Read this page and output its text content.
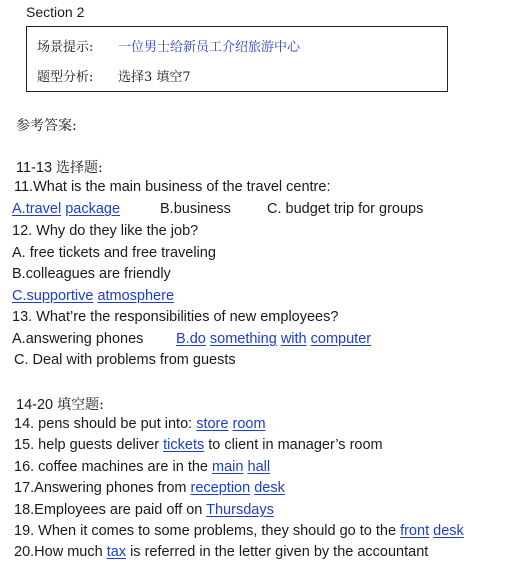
Section 2
场景提示: 一位男士给新员工介绍旅游中心
题型分析: 选择3 填空7
参考答案:
11-13 选择题:
11.What is the main business of the travel centre:
A.travel package	B.business C. budget trip for groups
12. Why do they like the job?
A. free tickets and free traveling
B.colleagues are friendly
C.supportive atmosphere
13. What’re the responsibilities of new employees?
A.answering phones B.do something with computer
C. Deal with problems from guests
14-20 填空题:
14. pens should be put into: store room
15. help guests deliver tickets to client in manager’s room
16. coffee machines are in the main hall
17.Answering phones from reception desk
18.Employees are paid off on Thursdays
19. When it comes to some problems, they should go to the front desk
20.How much tax is referred in the letter given by the accountant
